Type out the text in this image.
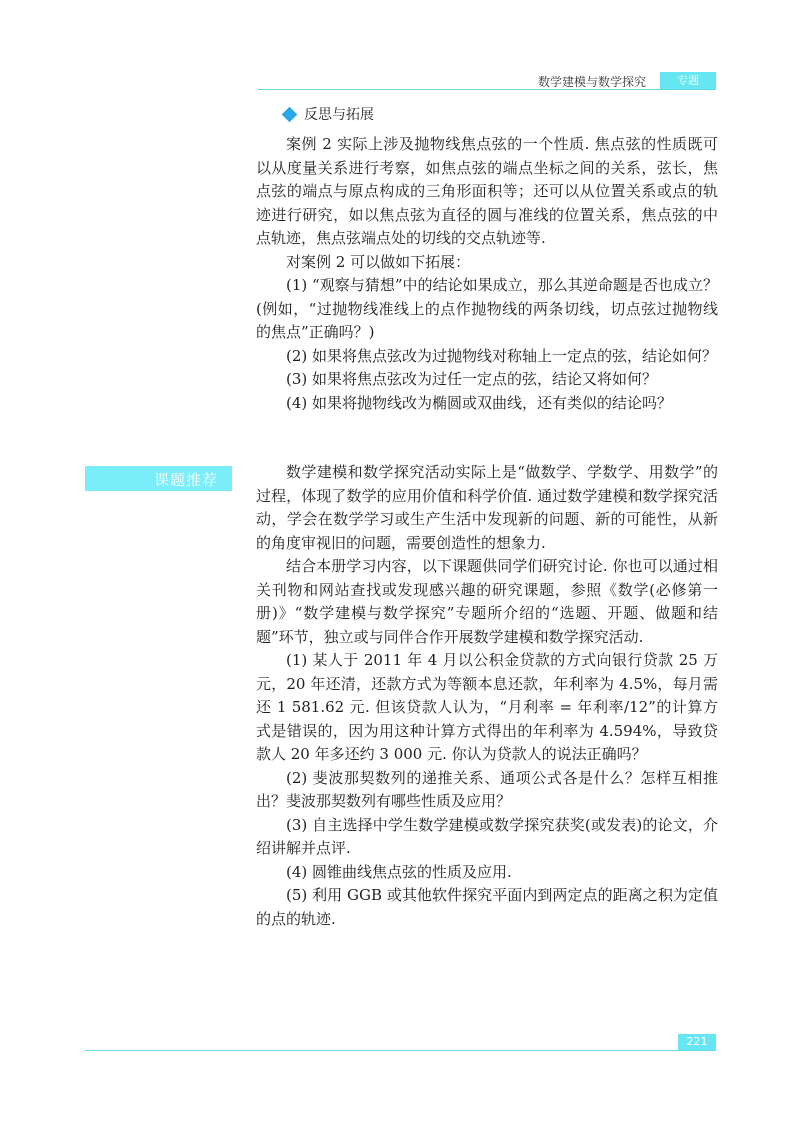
数学建模与数学探究	专题
反思与拓展

案例 2 实际上涉及抛物线焦点弦的一个性质. 焦点弦的性质既可以从度量关系进行考察，如焦点弦的端点坐标之间的关系，弦长，焦点弦的端点与原点构成的三角形面积等；还可以从位置关系或点的轨迹进行研究，如以焦点弦为直径的圆与准线的位置关系，焦点弦的中点轨迹，焦点弦端点处的切线的交点轨迹等.

对案例 2 可以做如下拓展：

(1) “观察与猜想”中的结论如果成立，那么其逆命题是否也成立？(例如，“过抛物线准线上的点作抛物线的两条切线，切点弦过抛物线的焦点”正确吗？)

(2) 如果将焦点弦改为过抛物线对称轴上一定点的弦，结论如何？

(3) 如果将焦点弦改为过任一定点的弦，结论又将如何？

(4) 如果将抛物线改为椭圆或双曲线，还有类似的结论吗？

课题推荐	数学建模和数学探究活动实际上是“做数学、学数学、用数学”的过程，体现了数学的应用价值和科学价值. 通过数学建模和数学探究活动，学会在数学学习或生产生活中发现新的问题、新的可能性，从新的角度审视旧的问题，需要创造性的想象力.

结合本册学习内容，以下课题供同学们研究讨论. 你也可以通过相关刊物和网站查找或发现感兴趣的研究课题，参照《数学(必修第一册)》“数学建模与数学探究”专题所介绍的“选题、开题、做题和结题”环节，独立或与同伴合作开展数学建模和数学探究活动.

(1) 某人于 2011 年 4 月以公积金贷款的方式向银行贷款 25 万元，20 年还清，还款方式为等额本息还款，年利率为 4.5%，每月需还 1 581.62 元. 但该贷款人认为，“月利率 = 年利率/12”的计算方式是错误的，因为用这种计算方式得出的年利率为 4.594%，导致贷款人 20 年多还约 3 000 元. 你认为贷款人的说法正确吗？

(2) 斐波那契数列的递推关系、通项公式各是什么？怎样互相推出？斐波那契数列有哪些性质及应用？

(3) 自主选择中学生数学建模或数学探究获奖(或发表)的论文，介绍讲解并点评.

(4) 圆锥曲线焦点弦的性质及应用.

(5) 利用 GGB 或其他软件探究平面内到两定点的距离之积为定值的点的轨迹.

221
